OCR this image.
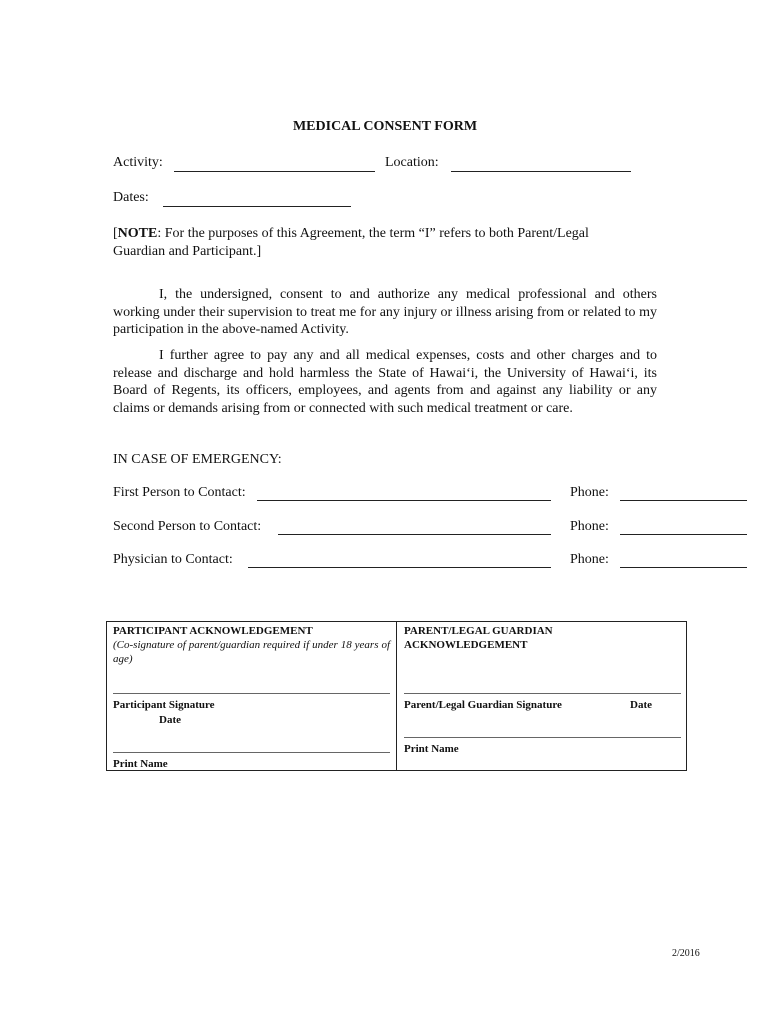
MEDICAL CONSENT FORM
Activity:	Location:
Dates:
[NOTE: For the purposes of this Agreement, the term “I” refers to both Parent/Legal Guardian and Participant.]
I, the undersigned, consent to and authorize any medical professional and others working under their supervision to treat me for any injury or illness arising from or related to my participation in the above-named Activity.
I further agree to pay any and all medical expenses, costs and other charges and to release and discharge and hold harmless the State of Hawai‘i, the University of Hawai‘i, its Board of Regents, its officers, employees, and agents from and against any liability or any claims or demands arising from or connected with such medical treatment or care.
IN CASE OF EMERGENCY:
First Person to Contact:	Phone:
Second Person to Contact:	Phone:
Physician to Contact:	Phone:
PARTICIPANT ACKNOWLEDGEMENT
(Co-signature of parent/guardian required if under 18 years of age)
Participant Signature
Date
Print Name
PARENT/LEGAL GUARDIAN
ACKNOWLEDGEMENT
Parent/Legal Guardian Signature	Date
Print Name
2/2016
